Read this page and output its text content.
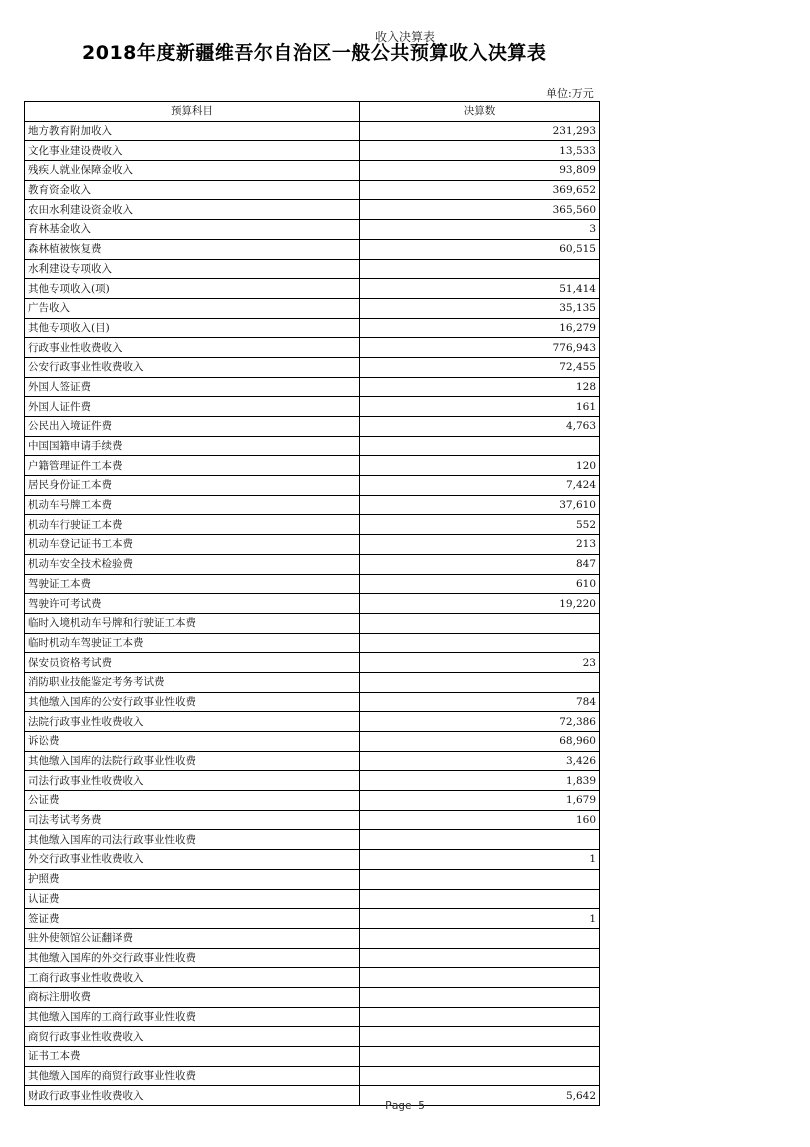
收入决算表
2018年度新疆维吾尔自治区一般公共预算收入决算表
单位:万元
预算科目	决算数
地方教育附加收入	231,293
文化事业建设费收入	13,533
残疾人就业保障金收入	93,809
教育资金收入	369,652
农田水利建设资金收入	365,560
育林基金收入	3
森林植被恢复费	60,515
水利建设专项收入	
其他专项收入(项)	51,414
广告收入	35,135
其他专项收入(目)	16,279
行政事业性收费收入	776,943
公安行政事业性收费收入	72,455
外国人签证费	128
外国人证件费	161
公民出入境证件费	4,763
中国国籍申请手续费	
户籍管理证件工本费	120
居民身份证工本费	7,424
机动车号牌工本费	37,610
机动车行驶证工本费	552
机动车登记证书工本费	213
机动车安全技术检验费	847
驾驶证工本费	610
驾驶许可考试费	19,220
临时入境机动车号牌和行驶证工本费	
临时机动车驾驶证工本费	
保安员资格考试费	23
消防职业技能鉴定考务考试费	
其他缴入国库的公安行政事业性收费	784
法院行政事业性收费收入	72,386
诉讼费	68,960
其他缴入国库的法院行政事业性收费	3,426
司法行政事业性收费收入	1,839
公证费	1,679
司法考试考务费	160
其他缴入国库的司法行政事业性收费	
外交行政事业性收费收入	1
护照费	
认证费	
签证费	1
驻外使领馆公证翻译费	
其他缴入国库的外交行政事业性收费	
工商行政事业性收费收入	
商标注册收费	
其他缴入国库的工商行政事业性收费	
商贸行政事业性收费收入	
证书工本费	
其他缴入国库的商贸行政事业性收费	
财政行政事业性收费收入	5,642
Page 5
